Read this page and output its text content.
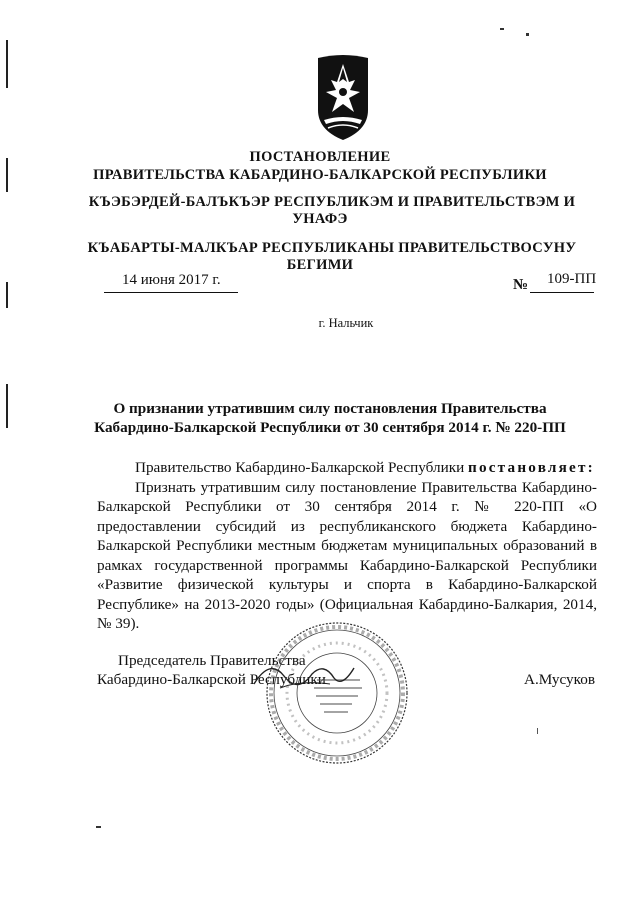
ПОСТАНОВЛЕНИЕ
ПРАВИТЕЛЬСТВА КАБАРДИНО-БАЛКАРСКОЙ РЕСПУБЛИКИ
КЪЭБЭРДЕЙ-БАЛЪКЪЭР РЕСПУБЛИКЭМ И ПРАВИТЕЛЬСТВЭМ И
УНАФЭ
КЪАБАРТЫ-МАЛКЪАР РЕСПУБЛИКАНЫ ПРАВИТЕЛЬСТВОСУНУ
БЕГИМИ
14 июня 2017 г.	№ 109-ПП
г. Нальчик
О признании утратившим силу постановления Правительства
Кабардино-Балкарской Республики от 30 сентября 2014 г. № 220-ПП

Правительство Кабардино-Балкарской Республики постановляет:

Признать утратившим силу постановление Правительства Кабардино-Балкарской Республики от 30 сентября 2014 г. № 220-ПП «О предоставлении субсидий из республиканского бюджета Кабардино-Балкарской Республики местным бюджетам муниципальных образований в рамках государственной программы Кабардино-Балкарской Республики «Развитие физической культуры и спорта в Кабардино-Балкарской Республике» на 2013-2020 годы» (Официальная Кабардино-Балкария, 2014, № 39).

Председатель Правительства
Кабардино-Балкарской Республики	А.Мусуков
